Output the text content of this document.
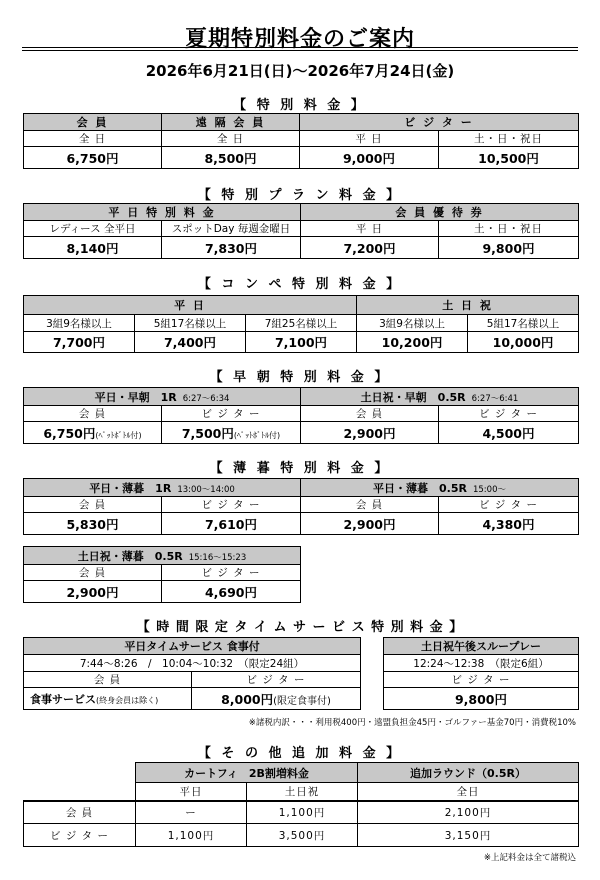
夏期特別料金のご案内
2026年6月21日(日)～2026年7月24日(金)
【 特 別 料 金 】
会 員	遠 隔 会 員	ビ ジ タ ー	
全 日	全 日	平 日	土・日・祝日
6,750円	8,500円	9,000円	10,500円
【 特 別 プ ラ ン 料 金 】
平 日 特 別 料 金		会 員 優 待 券	
レディース 全平日	スポットDay 毎週金曜日	平 日	土・日・祝日
8,140円	7,830円	7,200円	9,800円
【 コ ン ペ 特 別 料 金 】
平 日			土 日 祝	
3組9名様以上	5組17名様以上	7組25名様以上	3組9名様以上	5組17名様以上
7,700円	7,400円	7,100円	10,200円	10,000円
【 早 朝 特 別 料 金 】
平日・早朝　1R 6:27～6:34		土日祝・早朝　0.5R 6:27～6:41	
会 員	ビ ジ タ ー	会 員	ビ ジ タ ー
6,750円(ﾍﾟｯﾄﾎﾞﾄﾙ付)	7,500円(ﾍﾟｯﾄﾎﾞﾄﾙ付)	2,900円	4,500円
【 薄 暮 特 別 料 金 】
平日・薄暮　1R 13:00～14:00		平日・薄暮　0.5R 15:00～	
会 員	ビ ジ タ ー	会 員	ビ ジ タ ー
5,830円	7,610円	2,900円	4,380円
土日祝・薄暮　0.5R 15:16～15:23	
会 員	ビ ジ タ ー
2,900円	4,690円
【 時 間 限 定 タ イ ム サ ー ビ ス 特 別 料 金 】
平日タイムサービス 食事付	
7:44～8:26　/　10:04～10:32　（限定24組）	
会 員	ビ ジ タ ー
食事サービス(終身会員は除く)	8,000円(限定食事付)
土日祝午後スループレー
12:24～12:38　（限定6組）
ビ ジ タ ー
9,800円
※諸税内訳・・・利用税400円・遠盟負担金45円・ゴルファー基金70円・消費税10%
【 そ の 他 追 加 料 金 】
	カートフィ　2B割増料金		追加ラウンド（0.5R）
	平日	土日祝	全日
会 員	ー	1,100円	2,100円
ビ ジ タ ー	1,100円	3,500円	3,150円
※上記料金は全て諸税込
